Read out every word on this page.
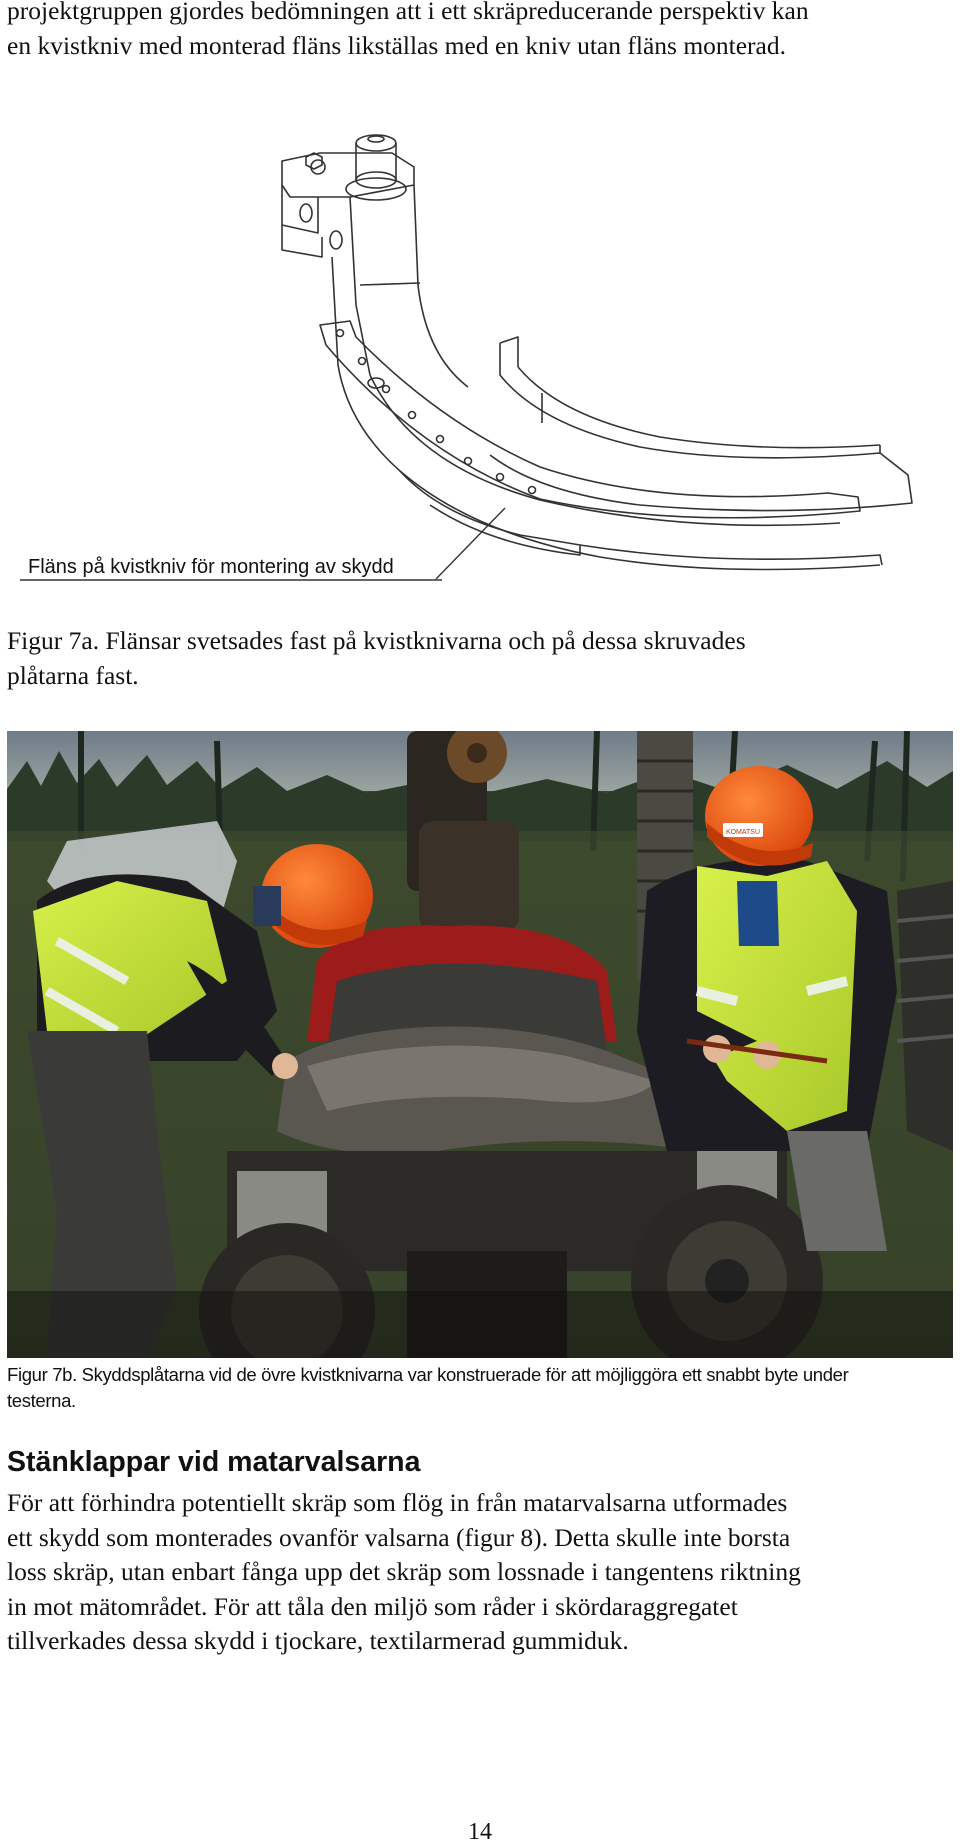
projektgruppen gjordes bedömningen att i ett skräpreducerande perspektiv kan
en kvistkniv med monterad fläns likställas med en kniv utan fläns monterad.

Fläns på kvistkniv för montering av skydd

Figur 7a. Flänsar svetsades fast på kvistknivarna och på dessa skruvades
plåtarna fast.

KOMATSU

Figur 7b. Skyddsplåtarna vid de övre kvistknivarna var konstruerade för att möjliggöra ett snabbt byte under
testerna.

Stänklappar vid matarvalsarna

För att förhindra potentiellt skräp som flög in från matarvalsarna utformades
ett skydd som monterades ovanför valsarna (figur 8). Detta skulle inte borsta
loss skräp, utan enbart fånga upp det skräp som lossnade i tangentens riktning
in mot mätområdet. För att tåla den miljö som råder i skördaraggregatet
tillverkades dessa skydd i tjockare, textilarmerad gummiduk.

14
